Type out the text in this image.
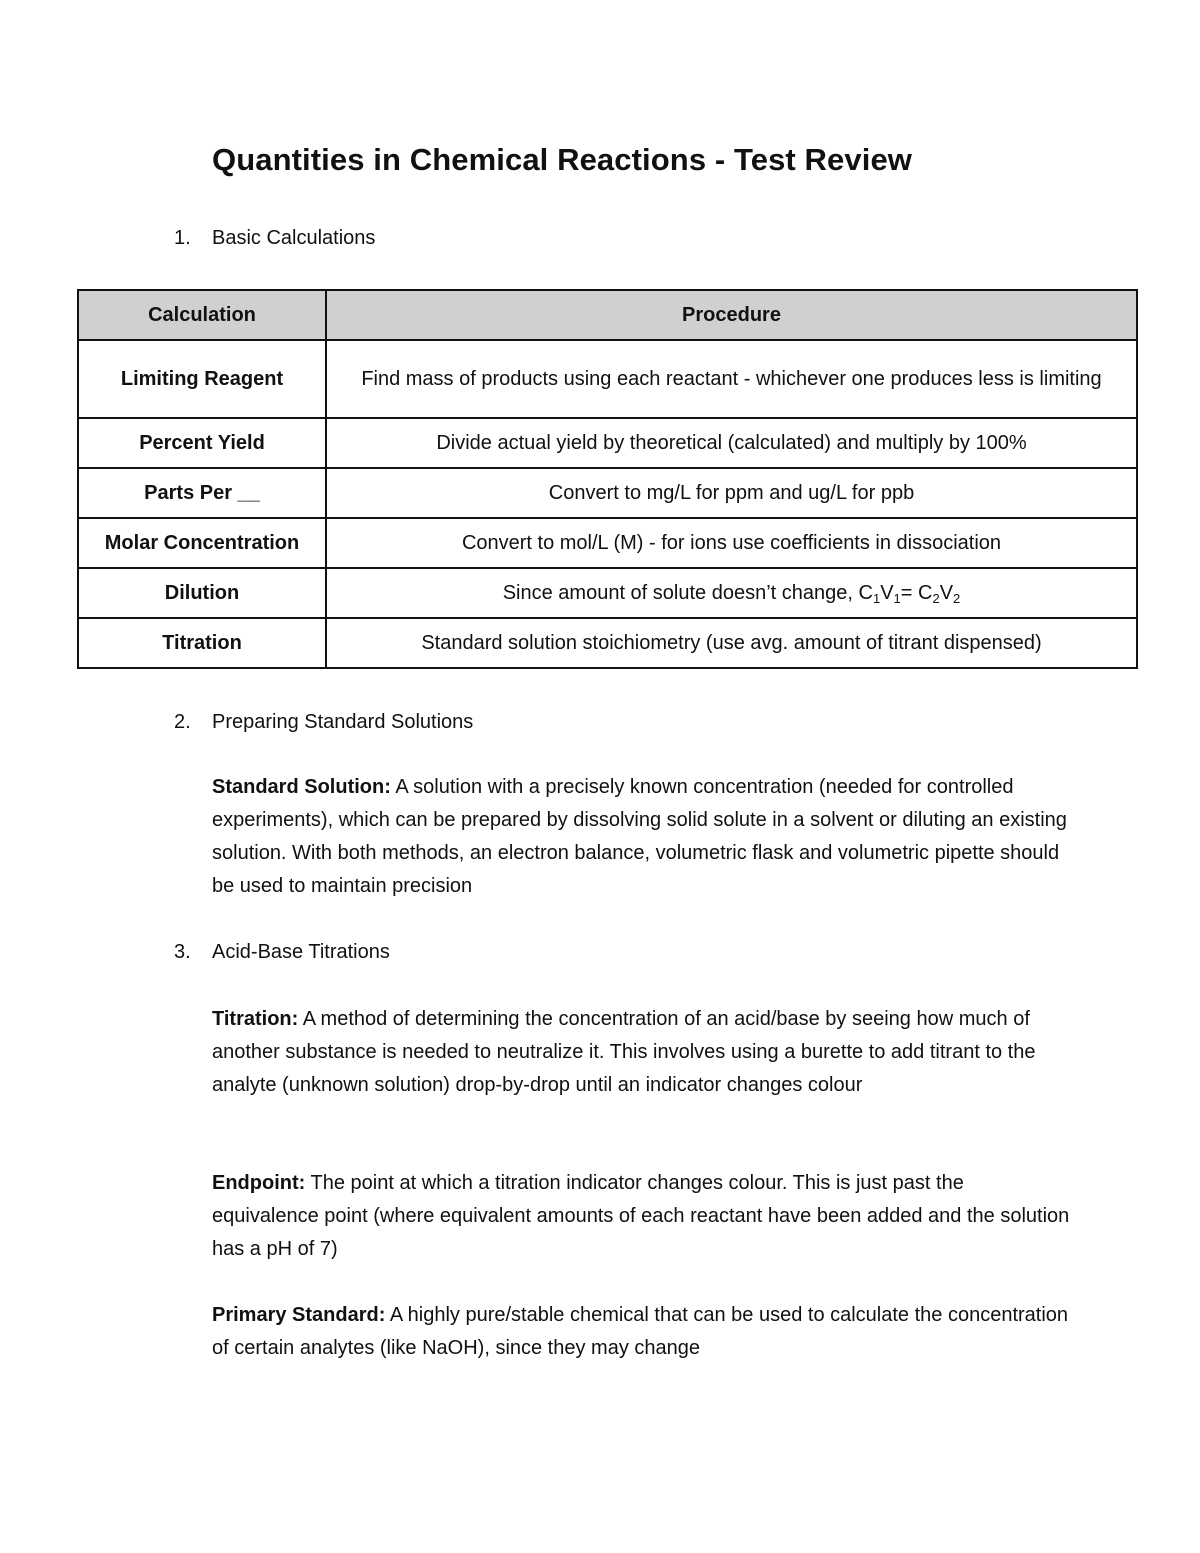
Quantities in Chemical Reactions - Test Review
1. Basic Calculations
Calculation	Procedure
Limiting Reagent	Find mass of products using each reactant - whichever one produces less is limiting
Percent Yield	Divide actual yield by theoretical (calculated) and multiply by 100%
Parts Per __	Convert to mg/L for ppm and ug/L for ppb
Molar Concentration	Convert to mol/L (M) - for ions use coefficients in dissociation
Dilution	Since amount of solute doesn’t change, $C_1V_1= C_2V_2$
Titration	Standard solution stoichiometry (use avg. amount of titrant dispensed)
2. Preparing Standard Solutions

Standard Solution: A solution with a precisely known concentration (needed for controlled experiments), which can be prepared by dissolving solid solute in a solvent or diluting an existing solution. With both methods, an electron balance, volumetric flask and volumetric pipette should be used to maintain precision

3. Acid-Base Titrations

Titration: A method of determining the concentration of an acid/base by seeing how much of another substance is needed to neutralize it. This involves using a burette to add titrant to the analyte (unknown solution) drop-by-drop until an indicator changes colour

Endpoint: The point at which a titration indicator changes colour. This is just past the equivalence point (where equivalent amounts of each reactant have been added and the solution has a pH of 7)

Primary Standard: A highly pure/stable chemical that can be used to calculate the concentration of certain analytes (like NaOH), since they may change
